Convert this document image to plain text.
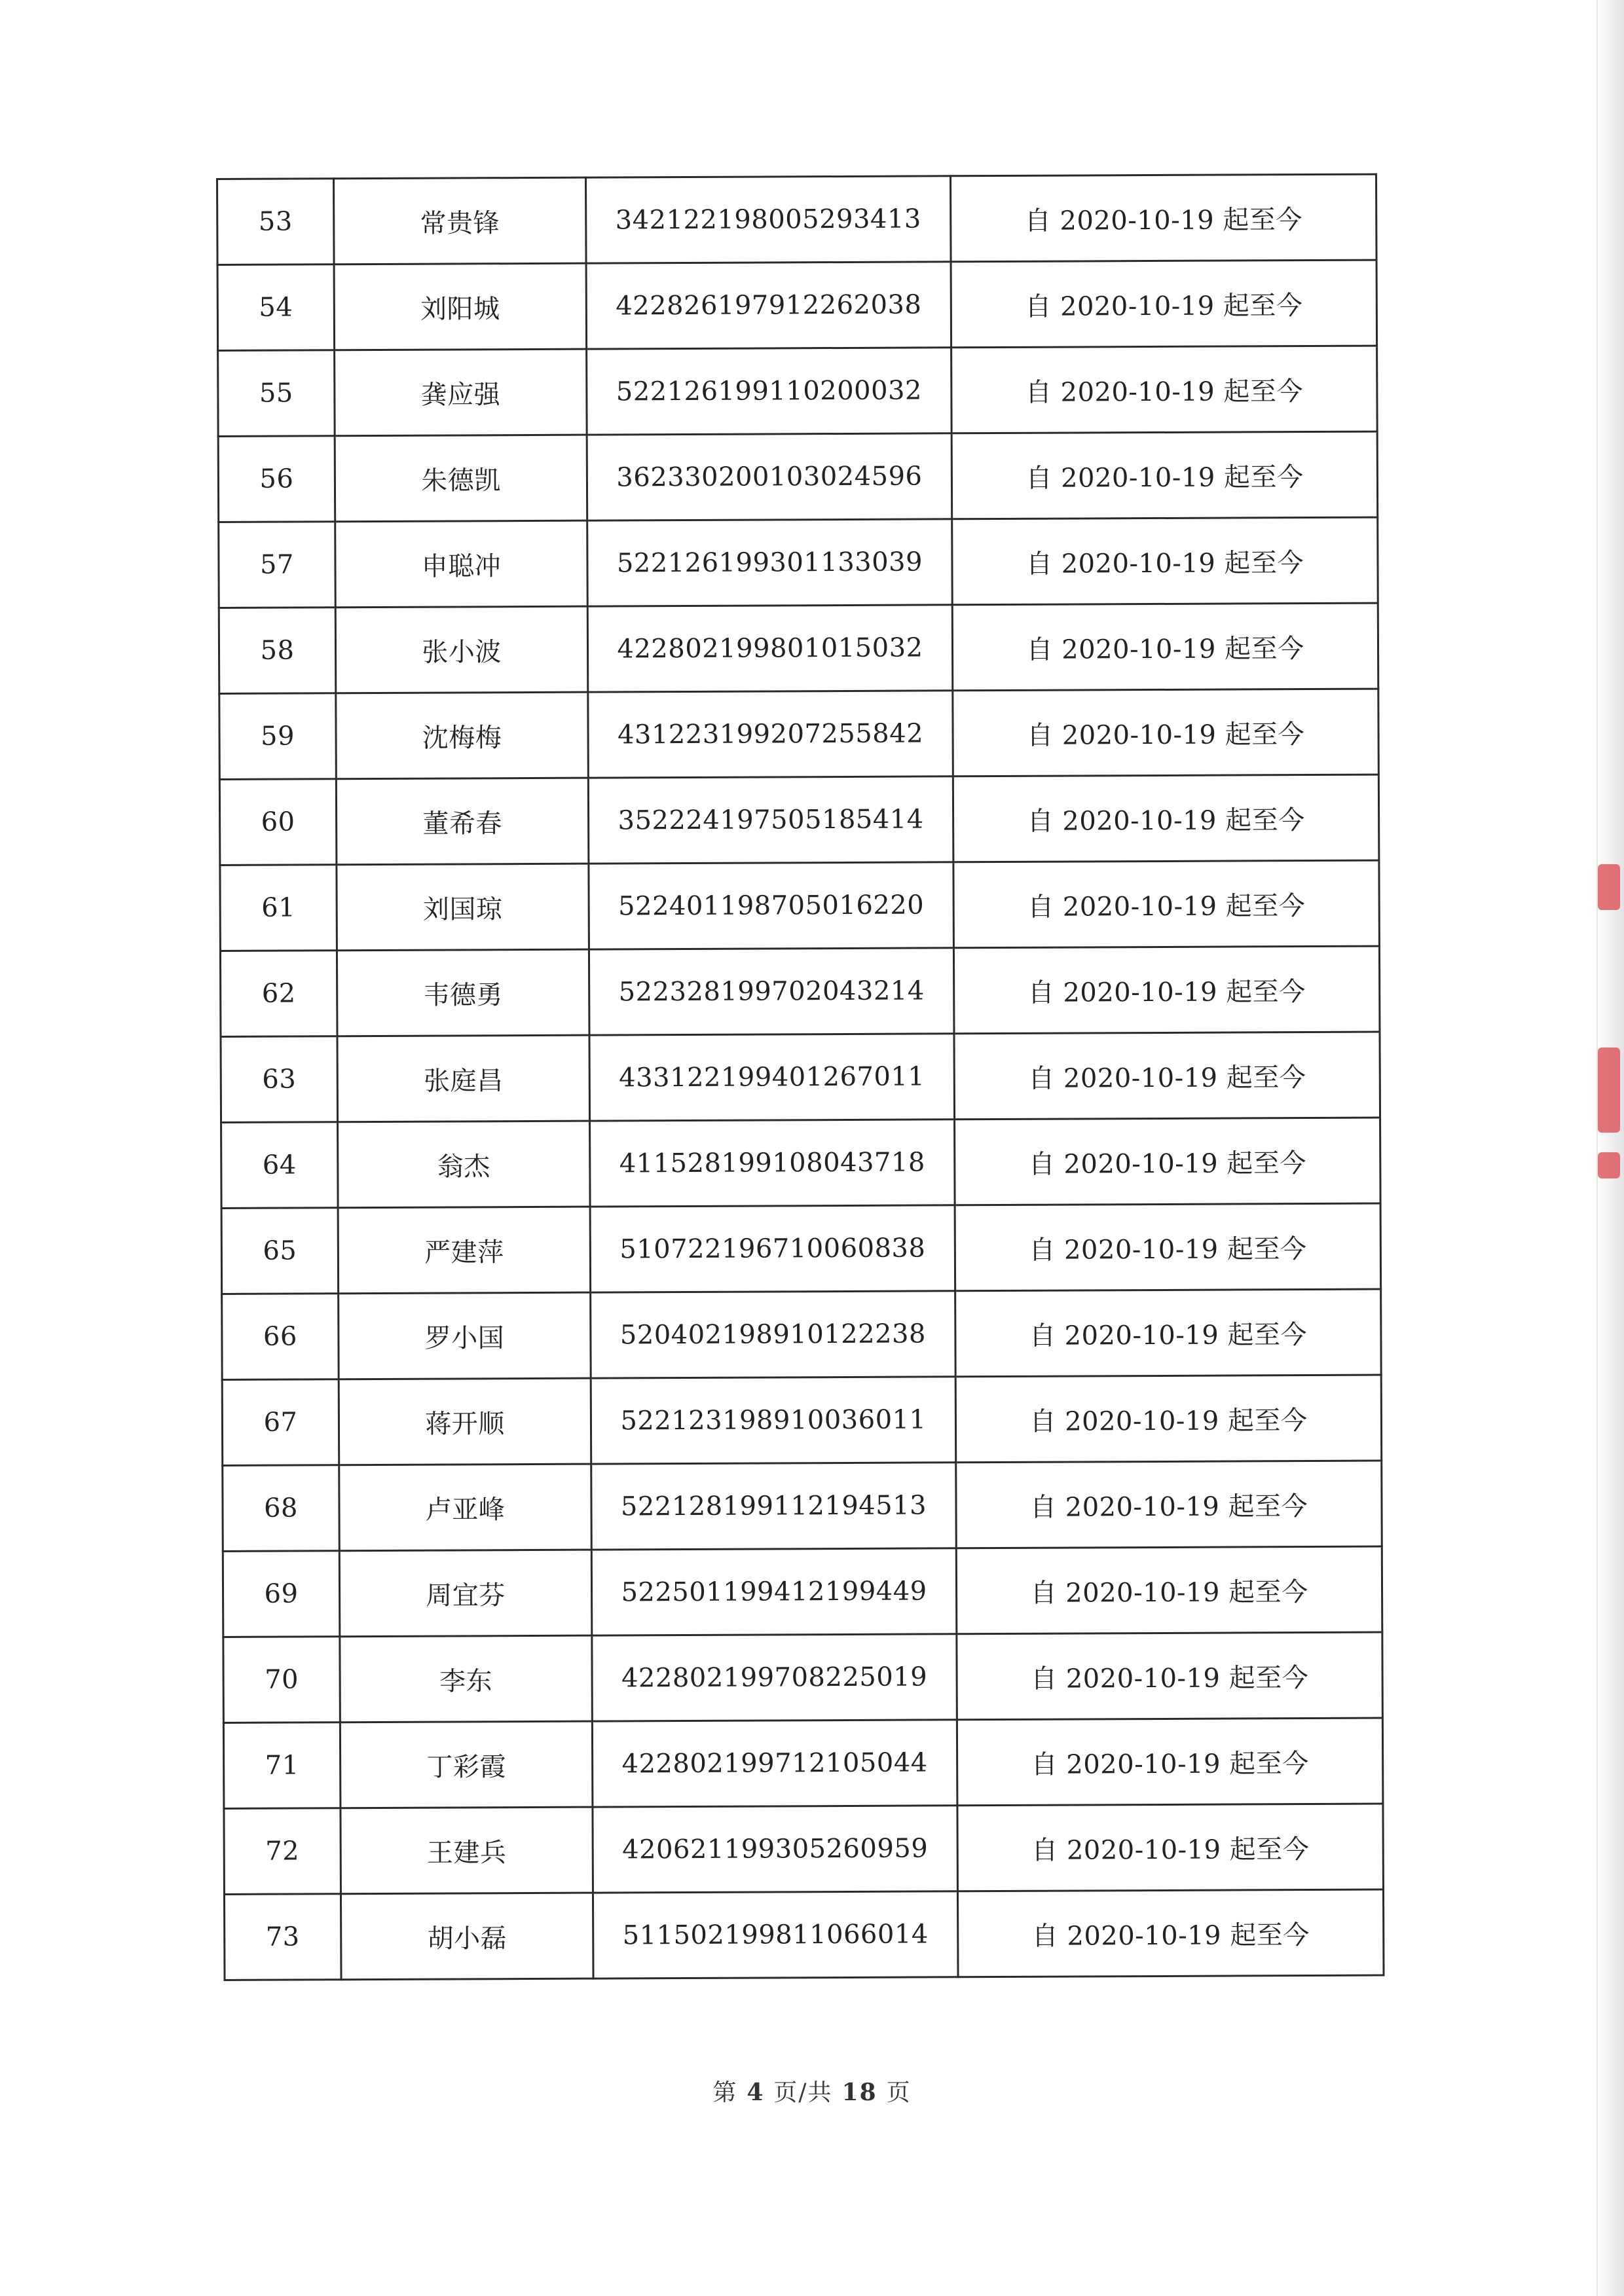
53	常贵锋	342122198005293413	自 2020-10-19 起至今
54	刘阳城	422826197912262038	自 2020-10-19 起至今
55	龚应强	522126199110200032	自 2020-10-19 起至今
56	朱德凯	362330200103024596	自 2020-10-19 起至今
57	申聪冲	522126199301133039	自 2020-10-19 起至今
58	张小波	422802199801015032	自 2020-10-19 起至今
59	沈梅梅	431223199207255842	自 2020-10-19 起至今
60	董希春	352224197505185414	自 2020-10-19 起至今
61	刘国琼	522401198705016220	自 2020-10-19 起至今
62	韦德勇	522328199702043214	自 2020-10-19 起至今
63	张庭昌	433122199401267011	自 2020-10-19 起至今
64	翁杰	411528199108043718	自 2020-10-19 起至今
65	严建萍	510722196710060838	自 2020-10-19 起至今
66	罗小国	520402198910122238	自 2020-10-19 起至今
67	蒋开顺	522123198910036011	自 2020-10-19 起至今
68	卢亚峰	522128199112194513	自 2020-10-19 起至今
69	周宜芬	522501199412199449	自 2020-10-19 起至今
70	李东	422802199708225019	自 2020-10-19 起至今
71	丁彩霞	422802199712105044	自 2020-10-19 起至今
72	王建兵	420621199305260959	自 2020-10-19 起至今
73	胡小磊	511502199811066014	自 2020-10-19 起至今
第 4 页/共 18 页
